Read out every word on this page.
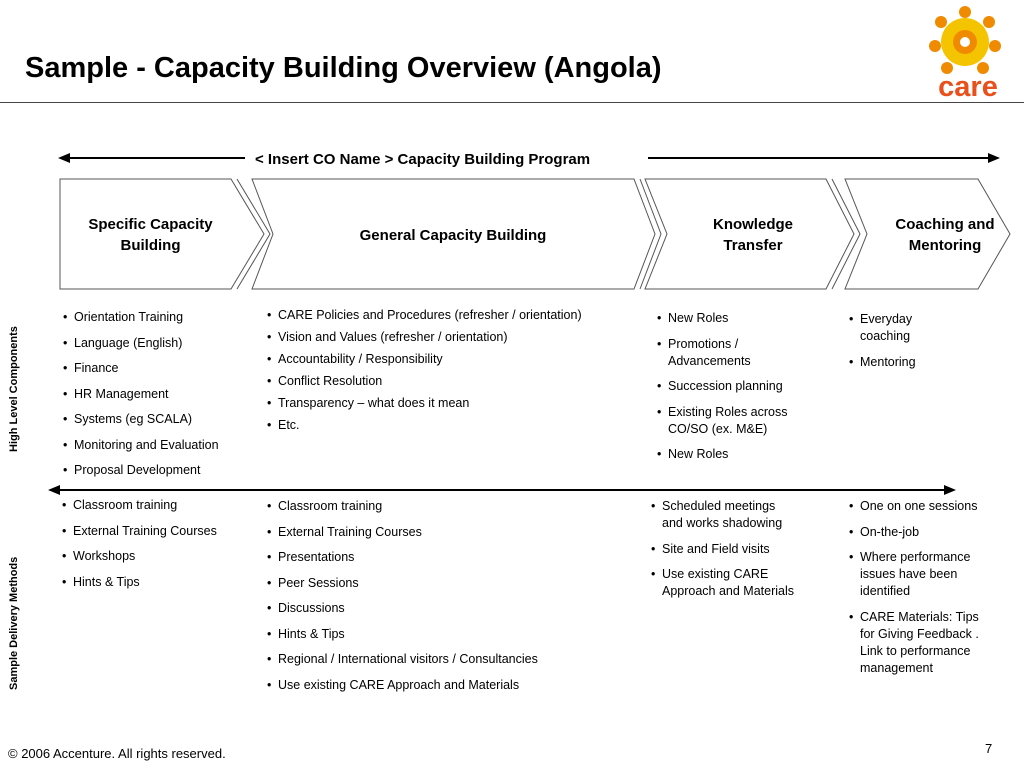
Sample - Capacity Building Overview (Angola)
care
< Insert CO Name > Capacity Building Program
Specific Capacity Building
General Capacity Building
Knowledge Transfer
Coaching and Mentoring
High Level Components
Sample Delivery Methods
• Orientation Training
• Language (English)
• Finance
• HR Management
• Systems (eg SCALA)
• Monitoring and Evaluation
• Proposal Development
• CARE Policies and Procedures (refresher / orientation)
• Vision and Values (refresher / orientation)
• Accountability / Responsibility
• Conflict Resolution
• Transparency – what does it mean
• Etc.
• New Roles
• Promotions / Advancements
• Succession planning
• Existing Roles across CO/SO (ex. M&E)
• New Roles
• Everyday coaching
• Mentoring
• Classroom training
• External Training Courses
• Workshops
• Hints & Tips
• Classroom training
• External Training Courses
• Presentations
• Peer Sessions
• Discussions
• Hints & Tips
• Regional / International visitors / Consultancies
• Use existing CARE Approach and Materials
• Scheduled meetings and works shadowing
• Site and Field visits
• Use existing CARE Approach and Materials
• One on one sessions
• On-the-job
• Where performance issues have been identified
• CARE Materials: Tips for Giving Feedback . Link to performance management
© 2006 Accenture. All rights reserved.	7
